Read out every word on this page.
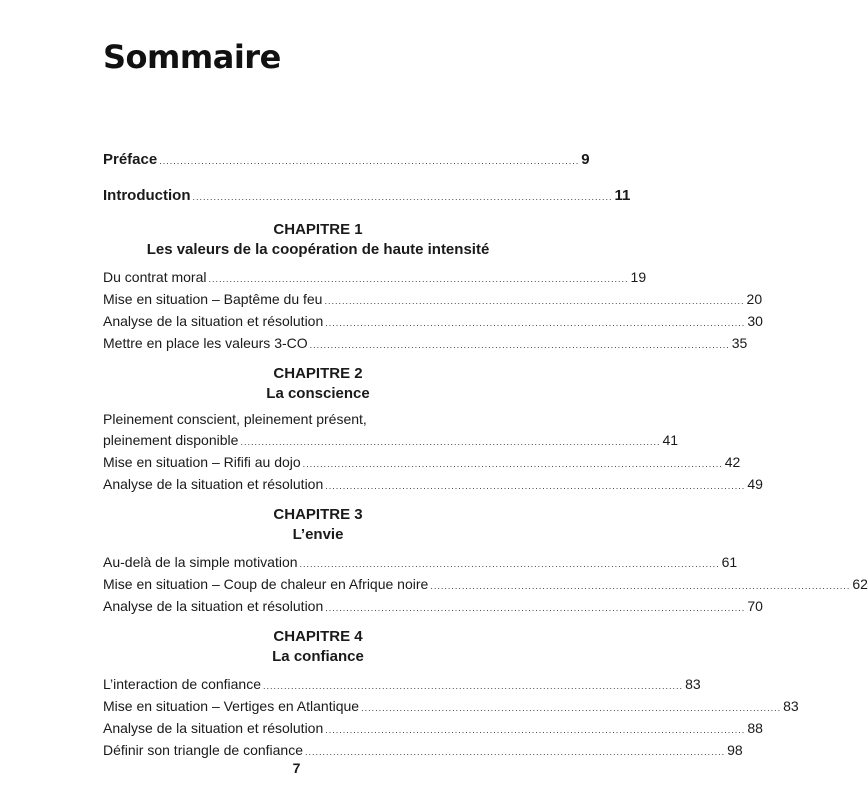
Sommaire
Préface ........................................................................................................................ 9
Introduction ........................................................................................................................ 11
CHAPITRE 1
Les valeurs de la coopération de haute intensité
Du contrat moral ........................................................................................................................ 19
Mise en situation – Baptême du feu ........................................................................................................................ 20
Analyse de la situation et résolution ........................................................................................................................ 30
Mettre en place les valeurs 3-CO ........................................................................................................................ 35
CHAPITRE 2
La conscience
Pleinement conscient, pleinement présent,
pleinement disponible ........................................................................................................................ 41
Mise en situation – Rififi au dojo ........................................................................................................................ 42
Analyse de la situation et résolution ........................................................................................................................ 49
CHAPITRE 3
L’envie
Au-delà de la simple motivation ........................................................................................................................ 61
Mise en situation – Coup de chaleur en Afrique noire ........................................................................................................................ 62
Analyse de la situation et résolution ........................................................................................................................ 70
CHAPITRE 4
La confiance
L’interaction de confiance ........................................................................................................................ 83
Mise en situation – Vertiges en Atlantique ........................................................................................................................ 83
Analyse de la situation et résolution ........................................................................................................................ 88
Définir son triangle de confiance ........................................................................................................................ 98
7
